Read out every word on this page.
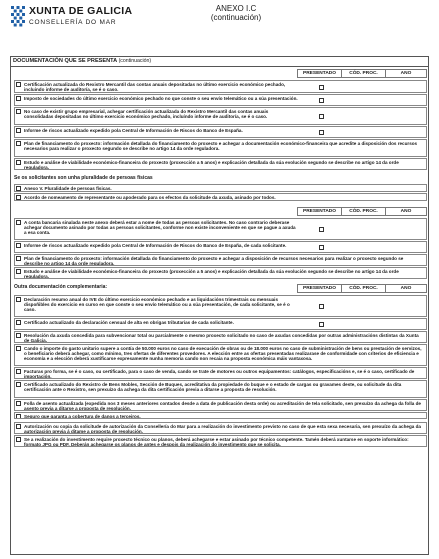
XUNTA DE GALICIA
CONSELLERÍA DO MAR
ANEXO I.C
(continuación)
DOCUMENTACIÓN QUE SE PRESENTA (continuación)
PRESENTADO	CÓD. PROC.	ANO
Certificación actualizada do Rexistro Mercantil das contas anuais depositadas no último exercicio económico pechado, incluindo informe de auditoría, se é o caso.
Imposto de sociedades do último exercicio económico pechado no que conste o seu envío telemático ou a súa presentación.
No caso de existir grupo empresarial, achegar certificación actualizada do Rexistro Mercantil das contas anuais consolidadas depositadas no último exercicio económico pechado, incluíndo informe de auditoría, se é o caso.
Informe de riscos actualizado expedido pola Central de Información de Riscos do Banco de España.
Plan de financiamento do proxecto: información detallada do financiamento do proxecto e achegar a documentación económico-financeira que acredite a disposición dos recursos necesarios para realizar o proxecto segundo se describe no artigo 14 da orde reguladora.
Estudo e análise de viabilidade económico-financeira do proxecto (proxección a 5 anos) e explicación detallada da súa evolución segundo se describe no artigo 14 da orde reguladora.
Se os solicitantes son unha pluralidade de persoas físicas
Anexo V. Pluralidade de persoas físicas.
Acordo de nomeamento de representante ou apoderado para os efectos da solicitude da axuda, asinado por todos.
PRESENTADO	CÓD. PROC.	ANO
A conta bancaria sinalada neste anexo deberá estar a nome de todas as persoas solicitantes. No caso contrario deberase achegar documento asinado por todas as persoas solicitantes, conforme non existe inconveniente en que se pague a axuda a esa conta.
Informe de riscos actualizado expedido pola Central de Información de Riscos do Banco de España, de cada solicitante.
Plan de financiamento do proxecto: información detallada do financiamento do proxecto e achegar a disposición de recursos necesarios para realizar o proxecto segundo se describe no artigo 14 da orde reguladora.
Estudo e análise de viabilidade económico-financeira do proxecto (proxección a 5 anos) e explicación detallada da súa evolución segundo se describe no artigo 14 da orde reguladora.
Outra documentación complementaria:	PRESENTADO	CÓD. PROC.	ANO
Declaración resumo anual do IVE do último exercicio económico pechado e as liquidacións trimestrais ou mensuais dispoñibles do exercicio en curso en que conste o seu envío telemático ou a súa presentación, de cada solicitante, se é o caso.
Certificado actualizado da declaración censual de alta en obrigas tributarias de cada solicitante.
Resolución da axuda concedida para subvencionar total ou parcialmente o mesmo proxecto solicitado no caso de axudas concedidas por outras administracións distintas da Xunta de Galicia.
Cando o importe do gasto unitario supere a contía de 50.000 euros no caso de execución de obras ou de 18.000 euros no caso de subministración de bens ou prestación de servizos, o beneficiario deberá achegar, como mínimo, tres ofertas de diferentes provedores. A elección entre as ofertas presentadas realizarase de conformidade con criterios de eficiencia e economía e a elección deberá xustificarse expresamente nunha memoria cando non recaia na proposta económica máis vantaxosa.
Facturas pro forma, se é o caso, ou certificado, para o caso de venda, cando se trate de motores ou outros equipamentos: catálogos, especificacións e, se é o caso, certificado de importación.
Certificado actualizado do Rexistro de Bens Mobles, Sección de Buques, acreditativa da propiedade do buque e o estado de cargas ou gravames deste, ou solicitude da dita certificación ante o Rexistro, sen prexuízo da achega da dita certificación previa a ditarse a proposta de resolución.
Folla de asento actualizada (expedida nos 3 meses anteriores contados desde a data de publicación desta orde) ou acreditación de tela solicitado, sen prexuízo da achega da folla de asento previa a ditarse a proposta de resolución.
Seguro que garanta a cobertura de danos a terceiros.
Autorización ou copia da solicitude de autorización da Consellería do Mar para a realización do investimento previsto no caso de que esta sexa necesaria, sen prexuízo da achega da autorización previa á ditame a proposta de resolución.
Se a realización do investimento require proxecto técnico ou planos, deberá achegarse e estar asinado por técnico competente. Tamén deberá xuntarse en soporte informático: formato JPG ou PDF. Deberán achegarse os planos de antes e despois da realización do investimento que se solicita.
